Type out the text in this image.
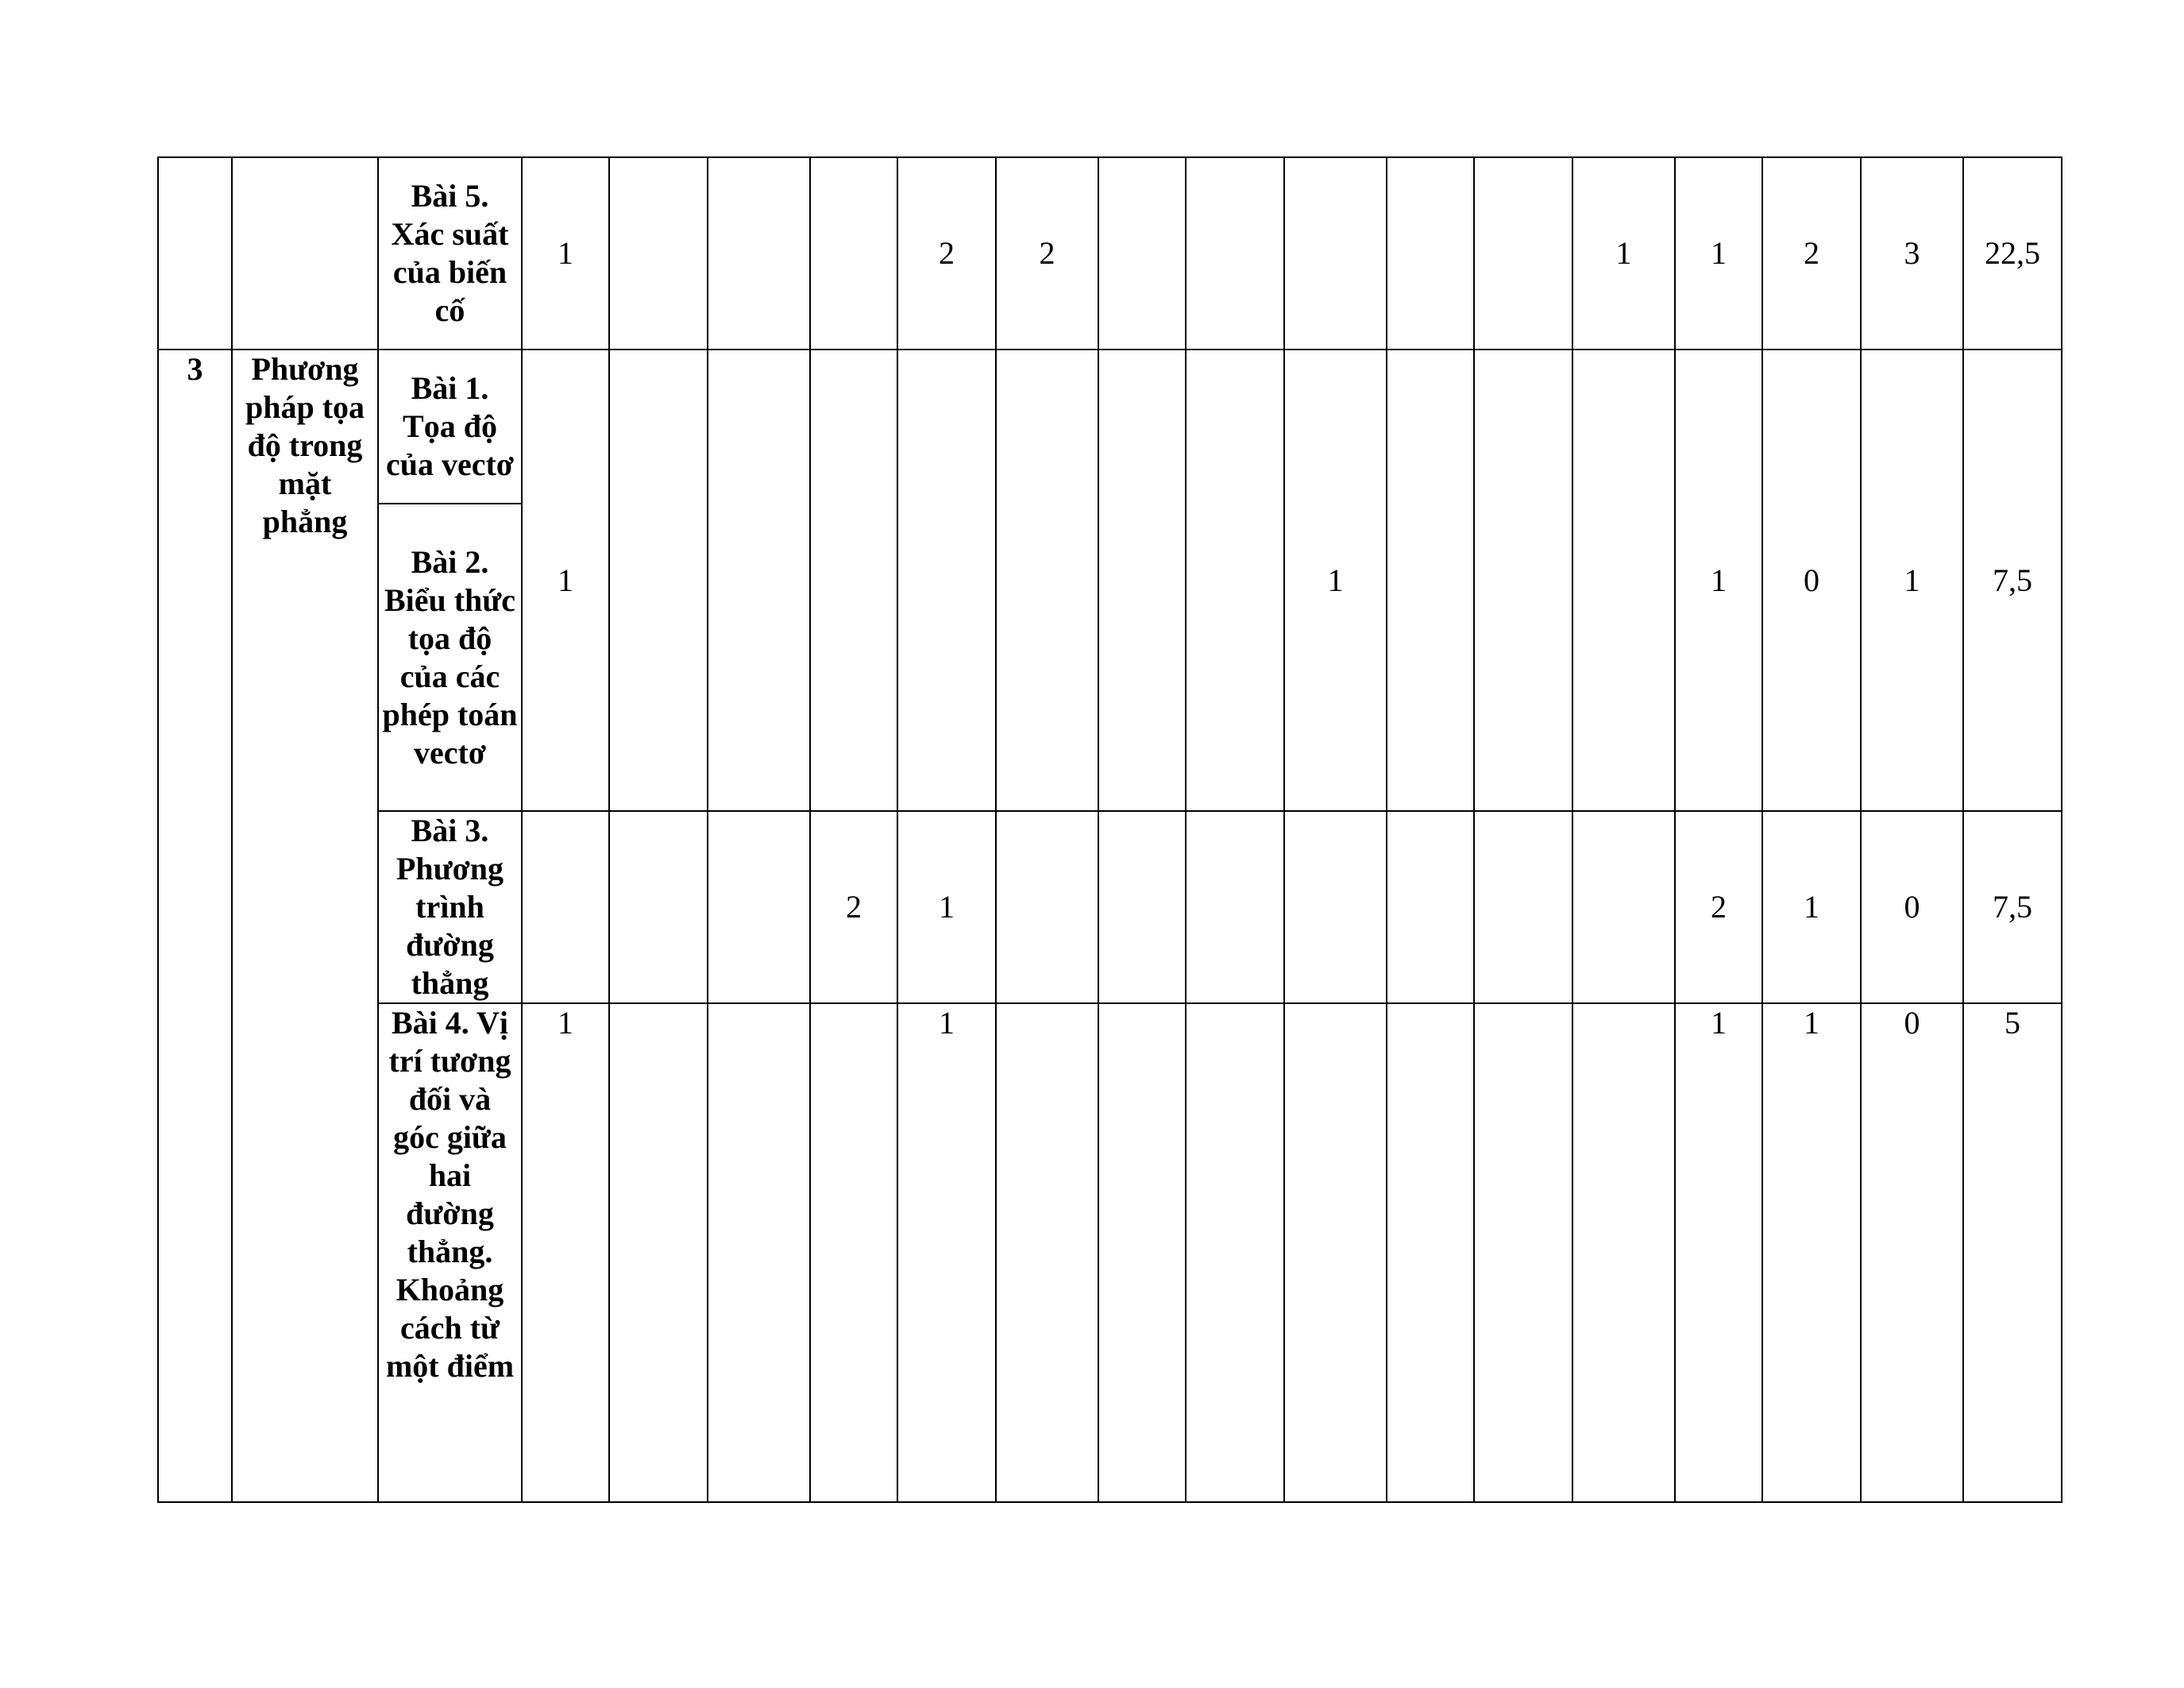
		Bài 5. Xác suất của biến cố	1				2	2						1	1	2	3	22,5
3	Phương pháp tọa độ trong mặt phẳng	Bài 1. Tọa độ của vectơ	1								1				1	0	1	7,5
		Bài 2. Biểu thức tọa độ của các phép toán vectơ																
		Bài 3. Phương trình đường thẳng				2	1								2	1	0	7,5
		Bài 4. Vị trí tương đối và góc giữa hai đường thẳng. Khoảng cách từ một điểm	1				1								1	1	0	5
